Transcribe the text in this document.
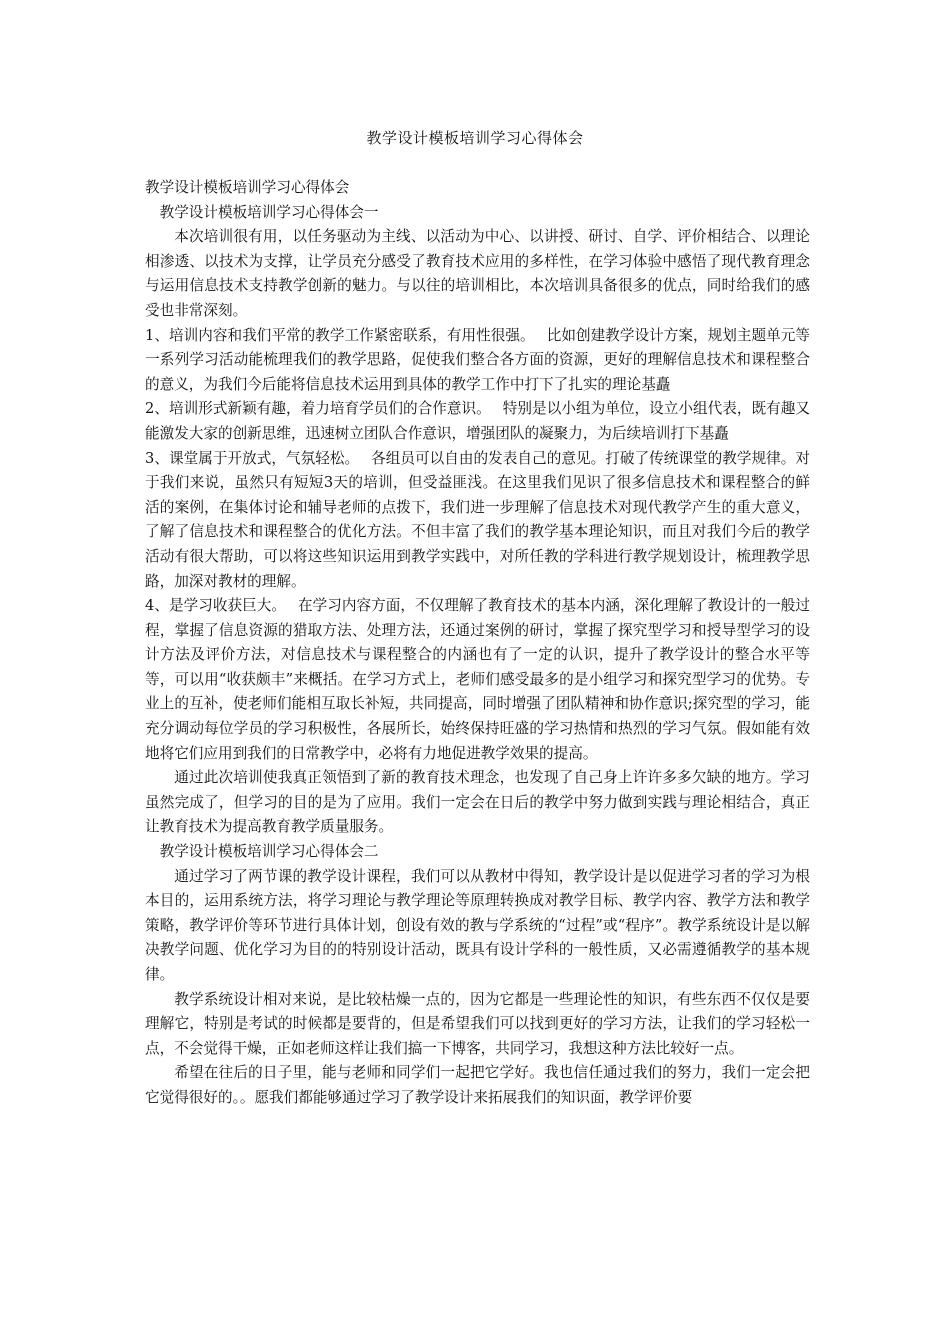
教学设计模板培训学习心得体会

教学设计模板培训学习心得体会

教学设计模板培训学习心得体会一

本次培训很有用，以任务驱动为主线、以活动为中心、以讲授、研讨、自学、评价相结合、以理论相渗透、以技术为支撑，让学员充分感受了教育技术应用的多样性，在学习体验中感悟了现代教育理念与运用信息技术支持教学创新的魅力。与以往的培训相比，本次培训具备很多的优点，同时给我们的感受也非常深刻。

1、培训内容和我们平常的教学工作紧密联系，有用性很强。　 比如创建教学设计方案，规划主题单元等一系列学习活动能梳理我们的教学思路，促使我们整合各方面的资源，更好的理解信息技术和课程整合的意义，为我们今后能将信息技术运用到具体的教学工作中打下了扎实的理论基矗

2、培训形式新颖有趣，着力培育学员们的合作意识。　 特别是以小组为单位，设立小组代表，既有趣又能激发大家的创新思维，迅速树立团队合作意识，增强团队的凝聚力，为后续培训打下基矗

3、课堂属于开放式，气氛轻松。　 各组员可以自由的发表自己的意见。打破了传统课堂的教学规律。对于我们来说，虽然只有短短3天的培训，但受益匪浅。在这里我们见识了很多信息技术和课程整合的鲜活的案例，在集体讨论和辅导老师的点拨下，我们进一步理解了信息技术对现代教学产生的重大意义，了解了信息技术和课程整合的优化方法。不但丰富了我们的教学基本理论知识，而且对我们今后的教学活动有很大帮助，可以将这些知识运用到教学实践中，对所任教的学科进行教学规划设计，梳理教学思路，加深对教材的理解。

4、是学习收获巨大。　 在学习内容方面，不仅理解了教育技术的基本内涵，深化理解了教设计的一般过程，掌握了信息资源的猎取方法、处理方法，还通过案例的研讨，掌握了探究型学习和授导型学习的设计方法及评价方法，对信息技术与课程整合的内涵也有了一定的认识，提升了教学设计的整合水平等等，可以用“收获颇丰”来概括。在学习方式上，老师们感受最多的是小组学习和探究型学习的优势。专业上的互补，使老师们能相互取长补短，共同提高，同时增强了团队精神和协作意识;探究型的学习，能充分调动每位学员的学习积极性，各展所长，始终保持旺盛的学习热情和热烈的学习气氛。假如能有效地将它们应用到我们的日常教学中，必将有力地促进教学效果的提高。

通过此次培训使我真正领悟到了新的教育技术理念，也发现了自己身上许许多多欠缺的地方。学习虽然完成了，但学习的目的是为了应用。我们一定会在日后的教学中努力做到实践与理论相结合，真正让教育技术为提高教育教学质量服务。

教学设计模板培训学习心得体会二

通过学习了两节课的教学设计课程，我们可以从教材中得知，教学设计是以促进学习者的学习为根本目的，运用系统方法，将学习理论与教学理论等原理转换成对教学目标、教学内容、教学方法和教学策略，教学评价等环节进行具体计划，创设有效的教与学系统的“过程”或“程序”。教学系统设计是以解决教学问题、优化学习为目的的特别设计活动，既具有设计学科的一般性质，又必需遵循教学的基本规律。

教学系统设计相对来说，是比较枯燥一点的，因为它都是一些理论性的知识，有些东西不仅仅是要理解它，特别是考试的时候都是要背的，但是希望我们可以找到更好的学习方法，让我们的学习轻松一点，不会觉得干燥，正如老师这样让我们搞一下博客，共同学习，我想这种方法比较好一点。

希望在往后的日子里，能与老师和同学们一起把它学好。我也信任通过我们的努力，我们一定会把它觉得很好的。。愿我们都能够通过学习了教学设计来拓展我们的知识面，教学评价要
